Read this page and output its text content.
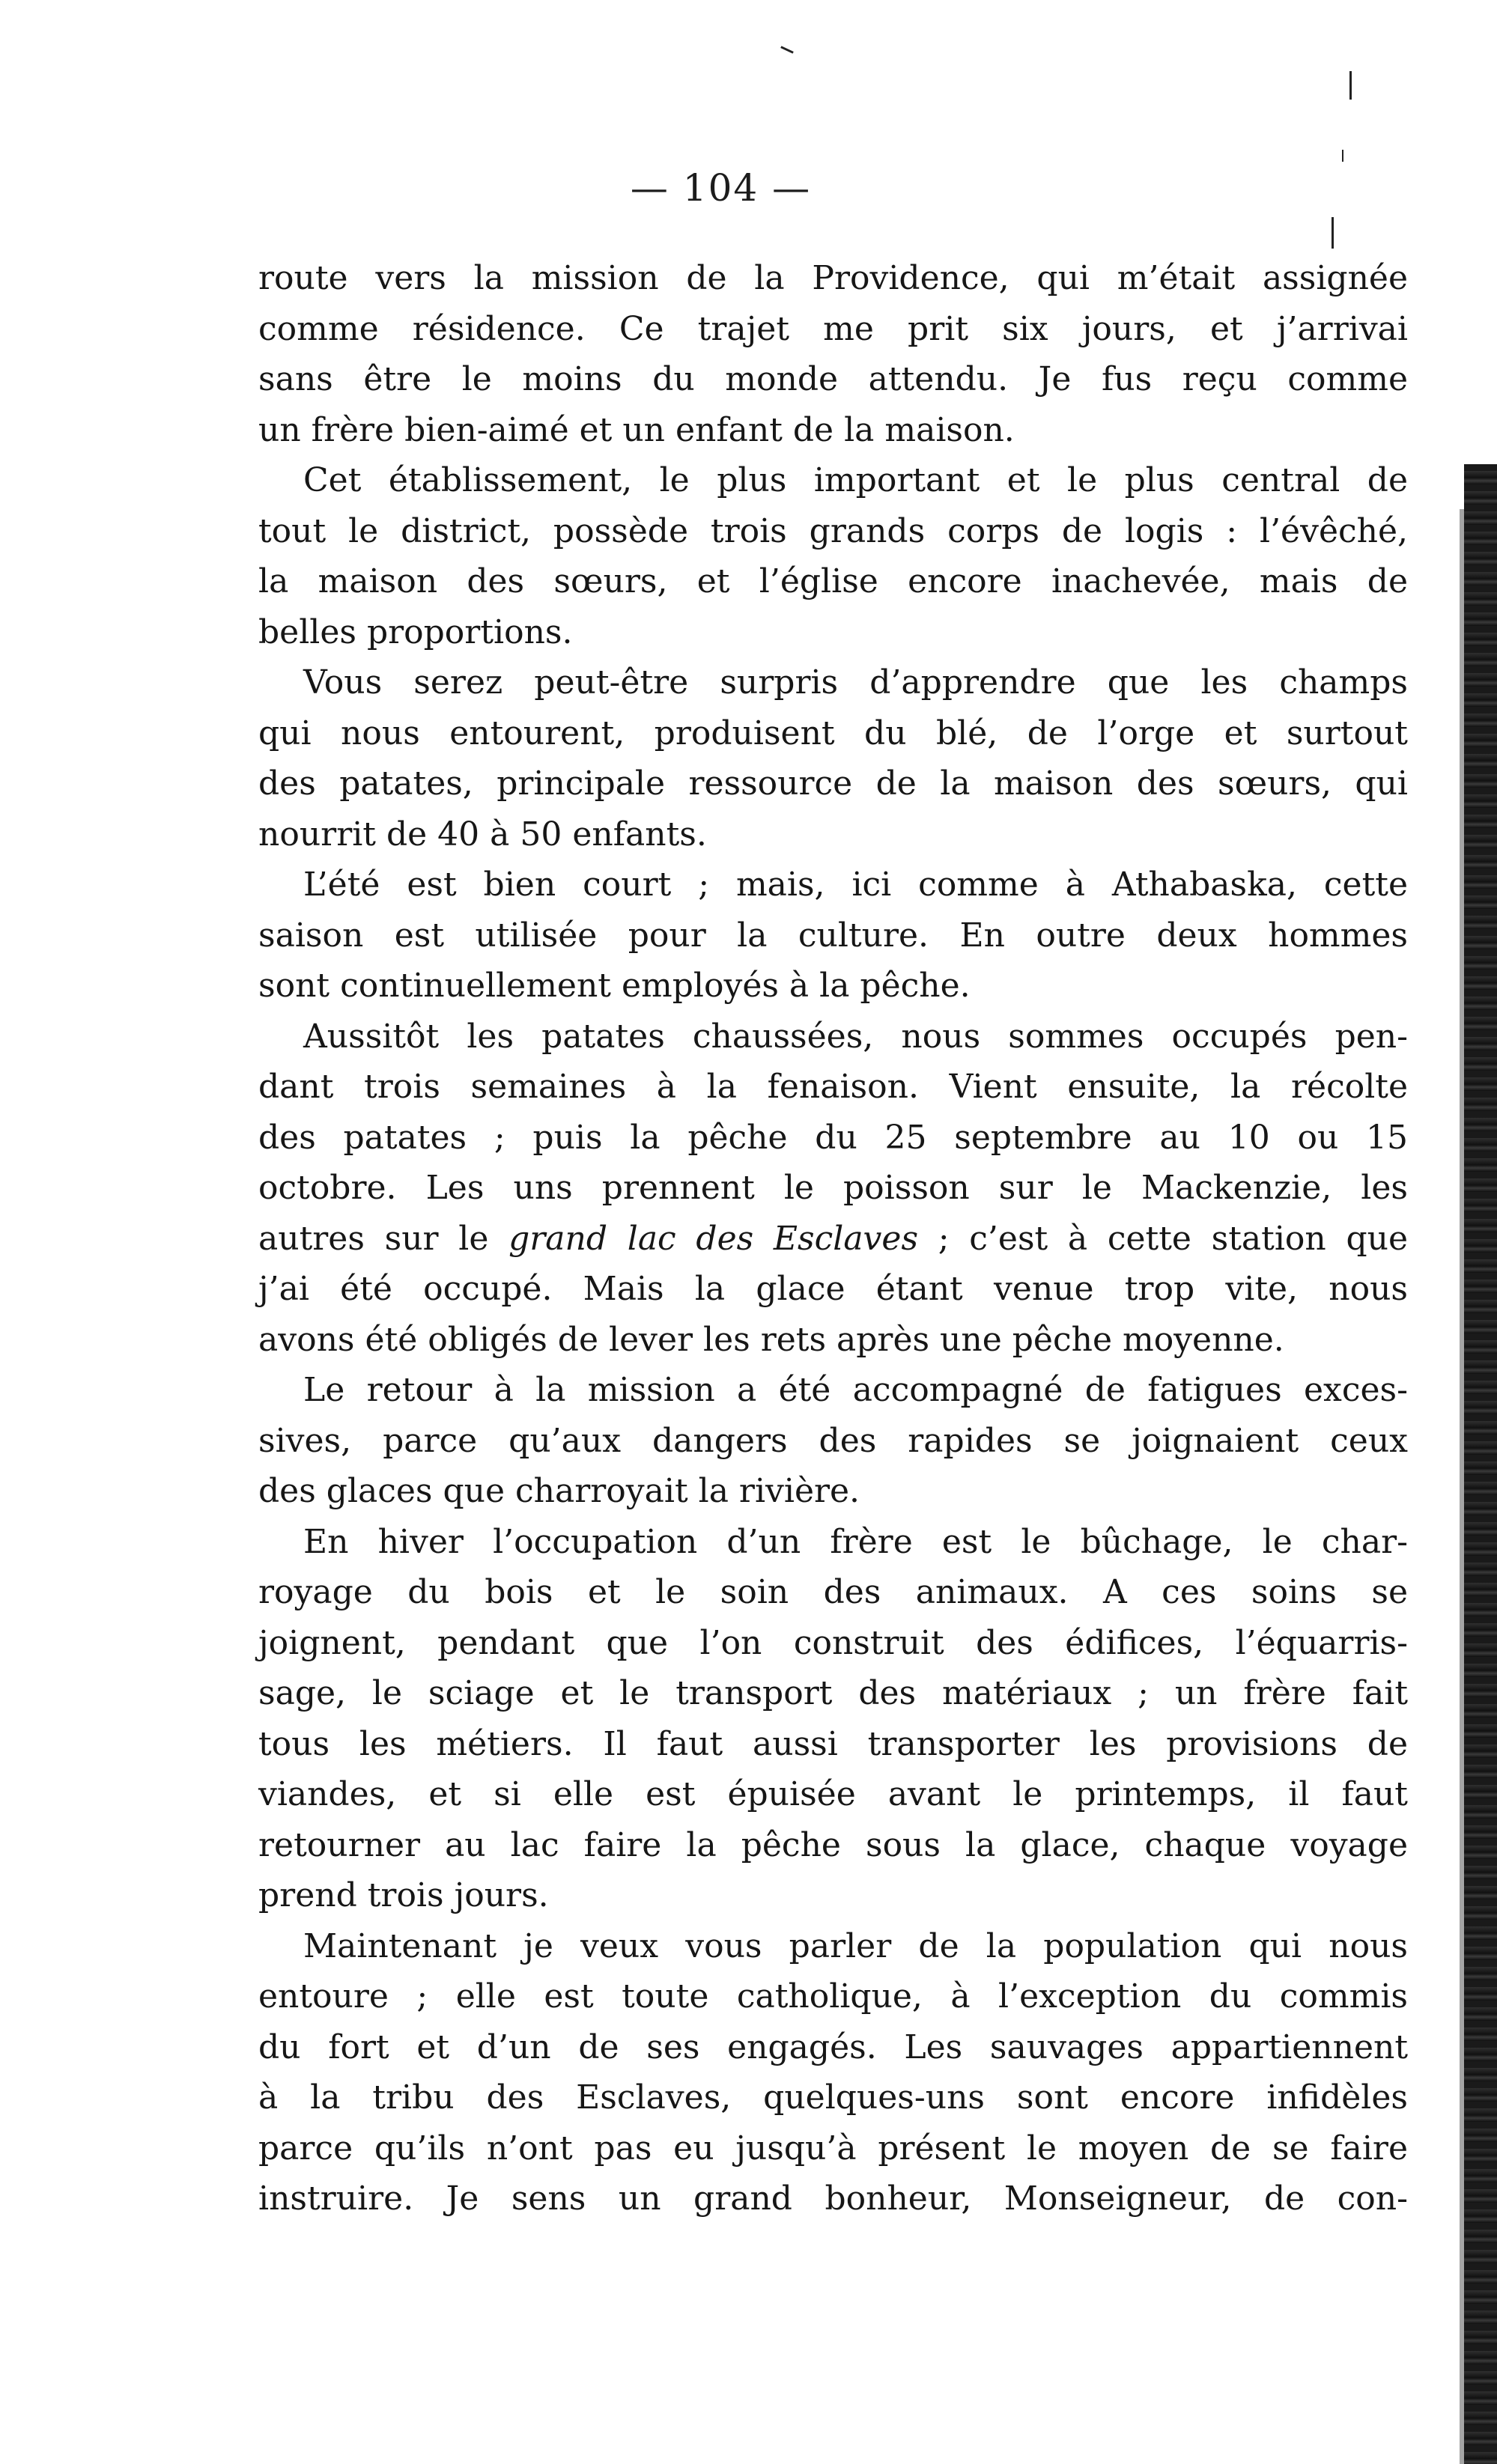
— 104 —
route vers la mission de la Providence, qui m’était assignée
comme résidence. Ce trajet me prit six jours, et j’arrivai
sans être le moins du monde attendu. Je fus reçu comme
un frère bien-aimé et un enfant de la maison.
Cet établissement, le plus important et le plus central de
tout le district, possède trois grands corps de logis : l’évêché,
la maison des sœurs, et l’église encore inachevée, mais de
belles proportions.
Vous serez peut-être surpris d’apprendre que les champs
qui nous entourent, produisent du blé, de l’orge et surtout
des patates, principale ressource de la maison des sœurs, qui
nourrit de 40 à 50 enfants.
L’été est bien court ; mais, ici comme à Athabaska, cette
saison est utilisée pour la culture. En outre deux hommes
sont continuellement employés à la pêche.
Aussitôt les patates chaussées, nous sommes occupés pen-
dant trois semaines à la fenaison. Vient ensuite, la récolte
des patates ; puis la pêche du 25 septembre au 10 ou 15
octobre. Les uns prennent le poisson sur le Mackenzie, les
autres sur le grand lac des Esclaves ; c’est à cette station que
j’ai été occupé. Mais la glace étant venue trop vite, nous
avons été obligés de lever les rets après une pêche moyenne.
Le retour à la mission a été accompagné de fatigues exces-
sives, parce qu’aux dangers des rapides se joignaient ceux
des glaces que charroyait la rivière.
En hiver l’occupation d’un frère est le bûchage, le char-
royage du bois et le soin des animaux. A ces soins se
joignent, pendant que l’on construit des édifices, l’équarris-
sage, le sciage et le transport des matériaux ; un frère fait
tous les métiers. Il faut aussi transporter les provisions de
viandes, et si elle est épuisée avant le printemps, il faut
retourner au lac faire la pêche sous la glace, chaque voyage
prend trois jours.
Maintenant je veux vous parler de la population qui nous
entoure ; elle est toute catholique, à l’exception du commis
du fort et d’un de ses engagés. Les sauvages appartiennent
à la tribu des Esclaves, quelques-uns sont encore infidèles
parce qu’ils n’ont pas eu jusqu’à présent le moyen de se faire
instruire. Je sens un grand bonheur, Monseigneur, de con-
